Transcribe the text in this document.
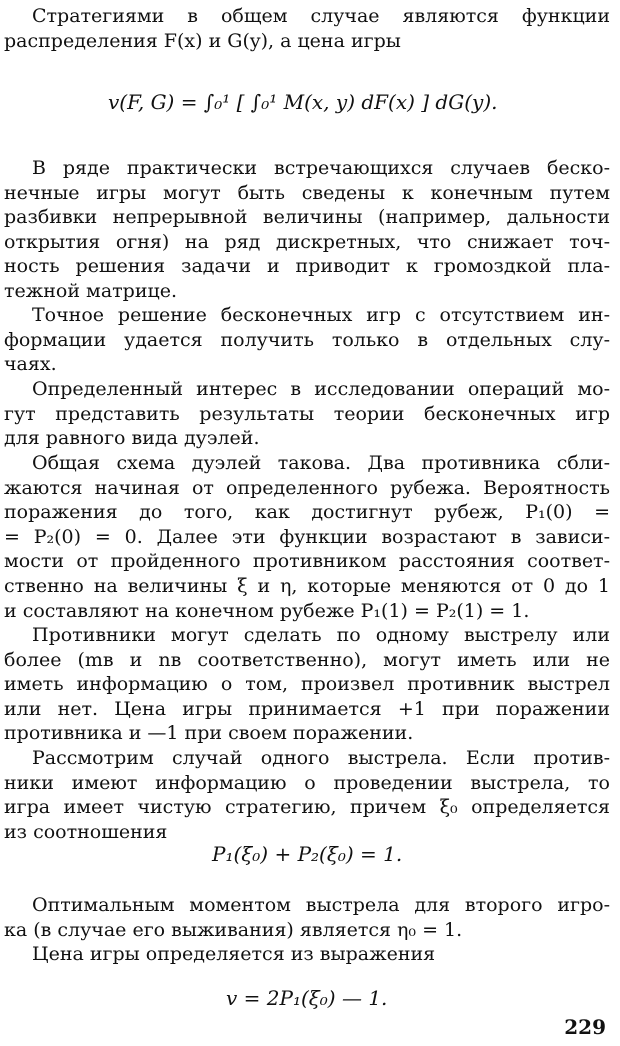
Стратегиями в общем случае являются функции
распределения F(x) и G(y), а цена игры
v(F, G) = ∫₀¹ [ ∫₀¹ M(x, y) dF(x) ] dG(y).
В ряде практически встречающихся случаев беско-
нечные игры могут быть сведены к конечным путем
разбивки непрерывной величины (например, дальности
открытия огня) на ряд дискретных, что снижает точ-
ность решения задачи и приводит к громоздкой пла-
тежной матрице.
Точное решение бесконечных игр с отсутствием ин-
формации удается получить только в отдельных слу-
чаях.
Определенный интерес в исследовании операций мо-
гут представить результаты теории бесконечных игр
для равного вида дуэлей.
Общая схема дуэлей такова. Два противника сбли-
жаются начиная от определенного рубежа. Вероятность
поражения до того, как достигнут рубеж, P₁(0) =
= P₂(0) = 0. Далее эти функции возрастают в зависи-
мости от пройденного противником расстояния соответ-
ственно на величины ξ и η, которые меняются от 0 до 1
и составляют на конечном рубеже P₁(1) = P₂(1) = 1.
Противники могут сделать по одному выстрелу или
более (mв и nв соответственно), могут иметь или не
иметь информацию о том, произвел противник выстрел
или нет. Цена игры принимается +1 при поражении
противника и —1 при своем поражении.
Рассмотрим случай одного выстрела. Если против-
ники имеют информацию о проведении выстрела, то
игра имеет чистую стратегию, причем ξ₀ определяется
из соотношения
P₁(ξ₀) + P₂(ξ₀) = 1.
Оптимальным моментом выстрела для второго игро-
ка (в случае его выживания) является η₀ = 1.
Цена игры определяется из выражения
v = 2P₁(ξ₀) — 1.
229
